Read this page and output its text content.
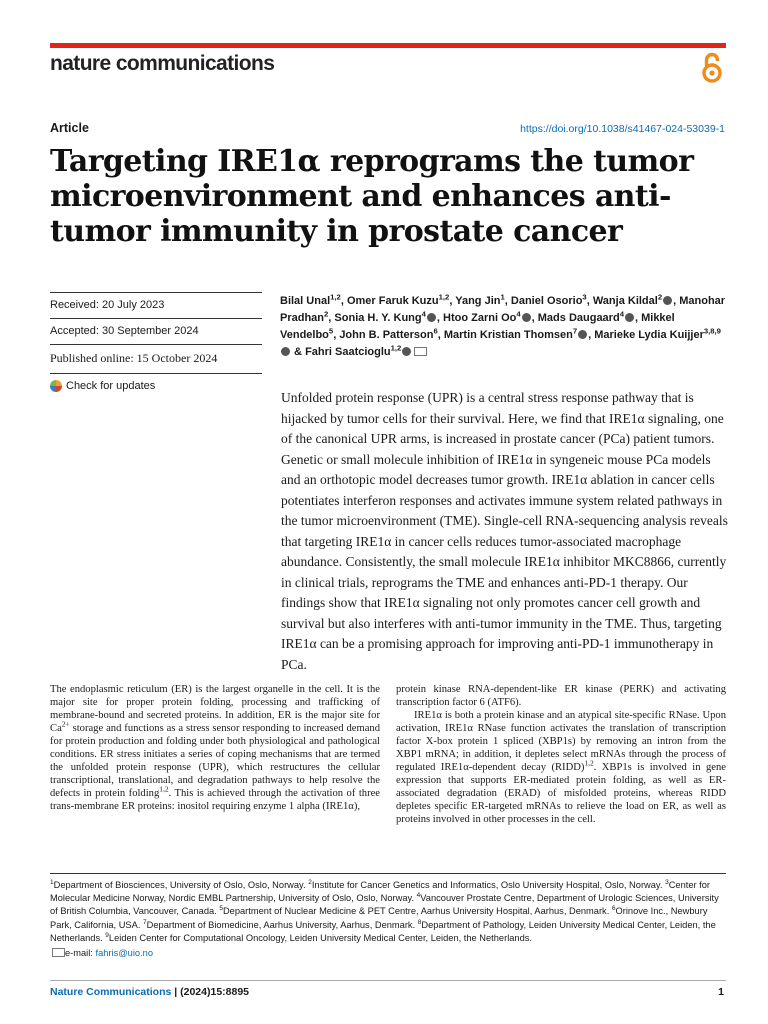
nature communications
Article	https://doi.org/10.1038/s41467-024-53039-1
Targeting IRE1α reprograms the tumor microenvironment and enhances anti-tumor immunity in prostate cancer
Received: 20 July 2023
Accepted: 30 September 2024
Published online: 15 October 2024
Check for updates
Bilal Unal$^{1,2}$, Omer Faruk Kuzu$^{1,2}$, Yang Jin$^1$, Daniel Osorio$^3$, Wanja Kildal$^2$ , Manohar Pradhan$^2$, Sonia H. Y. Kung$^4$ , Htoo Zarni Oo$^4$ , Mads Daugaard$^4$ , Mikkel Vendelbo$^5$, John B. Patterson$^6$, Martin Kristian Thomsen$^7$ , Marieke Lydia Kuijjer$^{3,8,9}$ & Fahri Saatcioglu$^{1,2}$

Unfolded protein response (UPR) is a central stress response pathway that is hijacked by tumor cells for their survival. Here, we find that IRE1α signaling, one of the canonical UPR arms, is increased in prostate cancer (PCa) patient tumors. Genetic or small molecule inhibition of IRE1α in syngeneic mouse PCa models and an orthotopic model decreases tumor growth. IRE1α ablation in cancer cells potentiates interferon responses and activates immune system related pathways in the tumor microenvironment (TME). Single-cell RNA-sequencing analysis reveals that targeting IRE1α in cancer cells reduces tumor-associated macrophage abundance. Consistently, the small molecule IRE1α inhibitor MKC8866, currently in clinical trials, reprograms the TME and enhances anti-PD-1 therapy. Our findings show that IRE1α signaling not only promotes cancer cell growth and survival but also interferes with anti-tumor immunity in the TME. Thus, targeting IRE1α can be a promising approach for improving anti-PD-1 immunotherapy in PCa.

The endoplasmic reticulum (ER) is the largest organelle in the cell. It is the major site for proper protein folding, processing and trafficking of membrane-bound and secreted proteins. In addition, ER is the major site for $Ca^{2+}$ storage and functions as a stress sensor responding to increased demand for protein production and folding under both physiological and pathological conditions. ER stress initiates a series of coping mechanisms that are termed the unfolded protein response (UPR), which restructures the cellular transcriptional, translational, and degradation pathways to help resolve the defects in protein folding$^{1,2}$. This is achieved through the activation of three trans-membrane ER proteins: inositol requiring enzyme 1 alpha (IRE1α),

protein kinase RNA-dependent-like ER kinase (PERK) and activating transcription factor 6 (ATF6).

IRE1α is both a protein kinase and an atypical site-specific RNase. Upon activation, IRE1α RNase function activates the translation of transcription factor X-box protein 1 spliced (XBP1s) by removing an intron from the XBP1 mRNA; in addition, it depletes select mRNAs through the process of regulated IRE1α-dependent decay (RIDD)$^{1,2}$. XBP1s is involved in gene expression that supports ER-mediated protein folding, as well as ER-associated degradation (ERAD) of misfolded proteins, whereas RIDD depletes specific ER-targeted mRNAs to relieve the load on ER, as well as proteins involved in other processes in the cell.

$^1$Department of Biosciences, University of Oslo, Oslo, Norway. $^2$Institute for Cancer Genetics and Informatics, Oslo University Hospital, Oslo, Norway. $^3$Center for Molecular Medicine Norway, Nordic EMBL Partnership, University of Oslo, Oslo, Norway. $^4$Vancouver Prostate Centre, Department of Urologic Sciences, University of British Columbia, Vancouver, Canada. $^5$Department of Nuclear Medicine & PET Centre, Aarhus University Hospital, Aarhus, Denmark. $^6$Orinove Inc., Newbury Park, California, USA. $^7$Department of Biomedicine, Aarhus University, Aarhus, Denmark. $^8$Department of Pathology, Leiden University Medical Center, Leiden, the Netherlands. $^9$Leiden Center for Computational Oncology, Leiden University Medical Center, Leiden, the Netherlands.

e-mail: fahris@uio.no
Nature Communications | (2024)15:8895	1
